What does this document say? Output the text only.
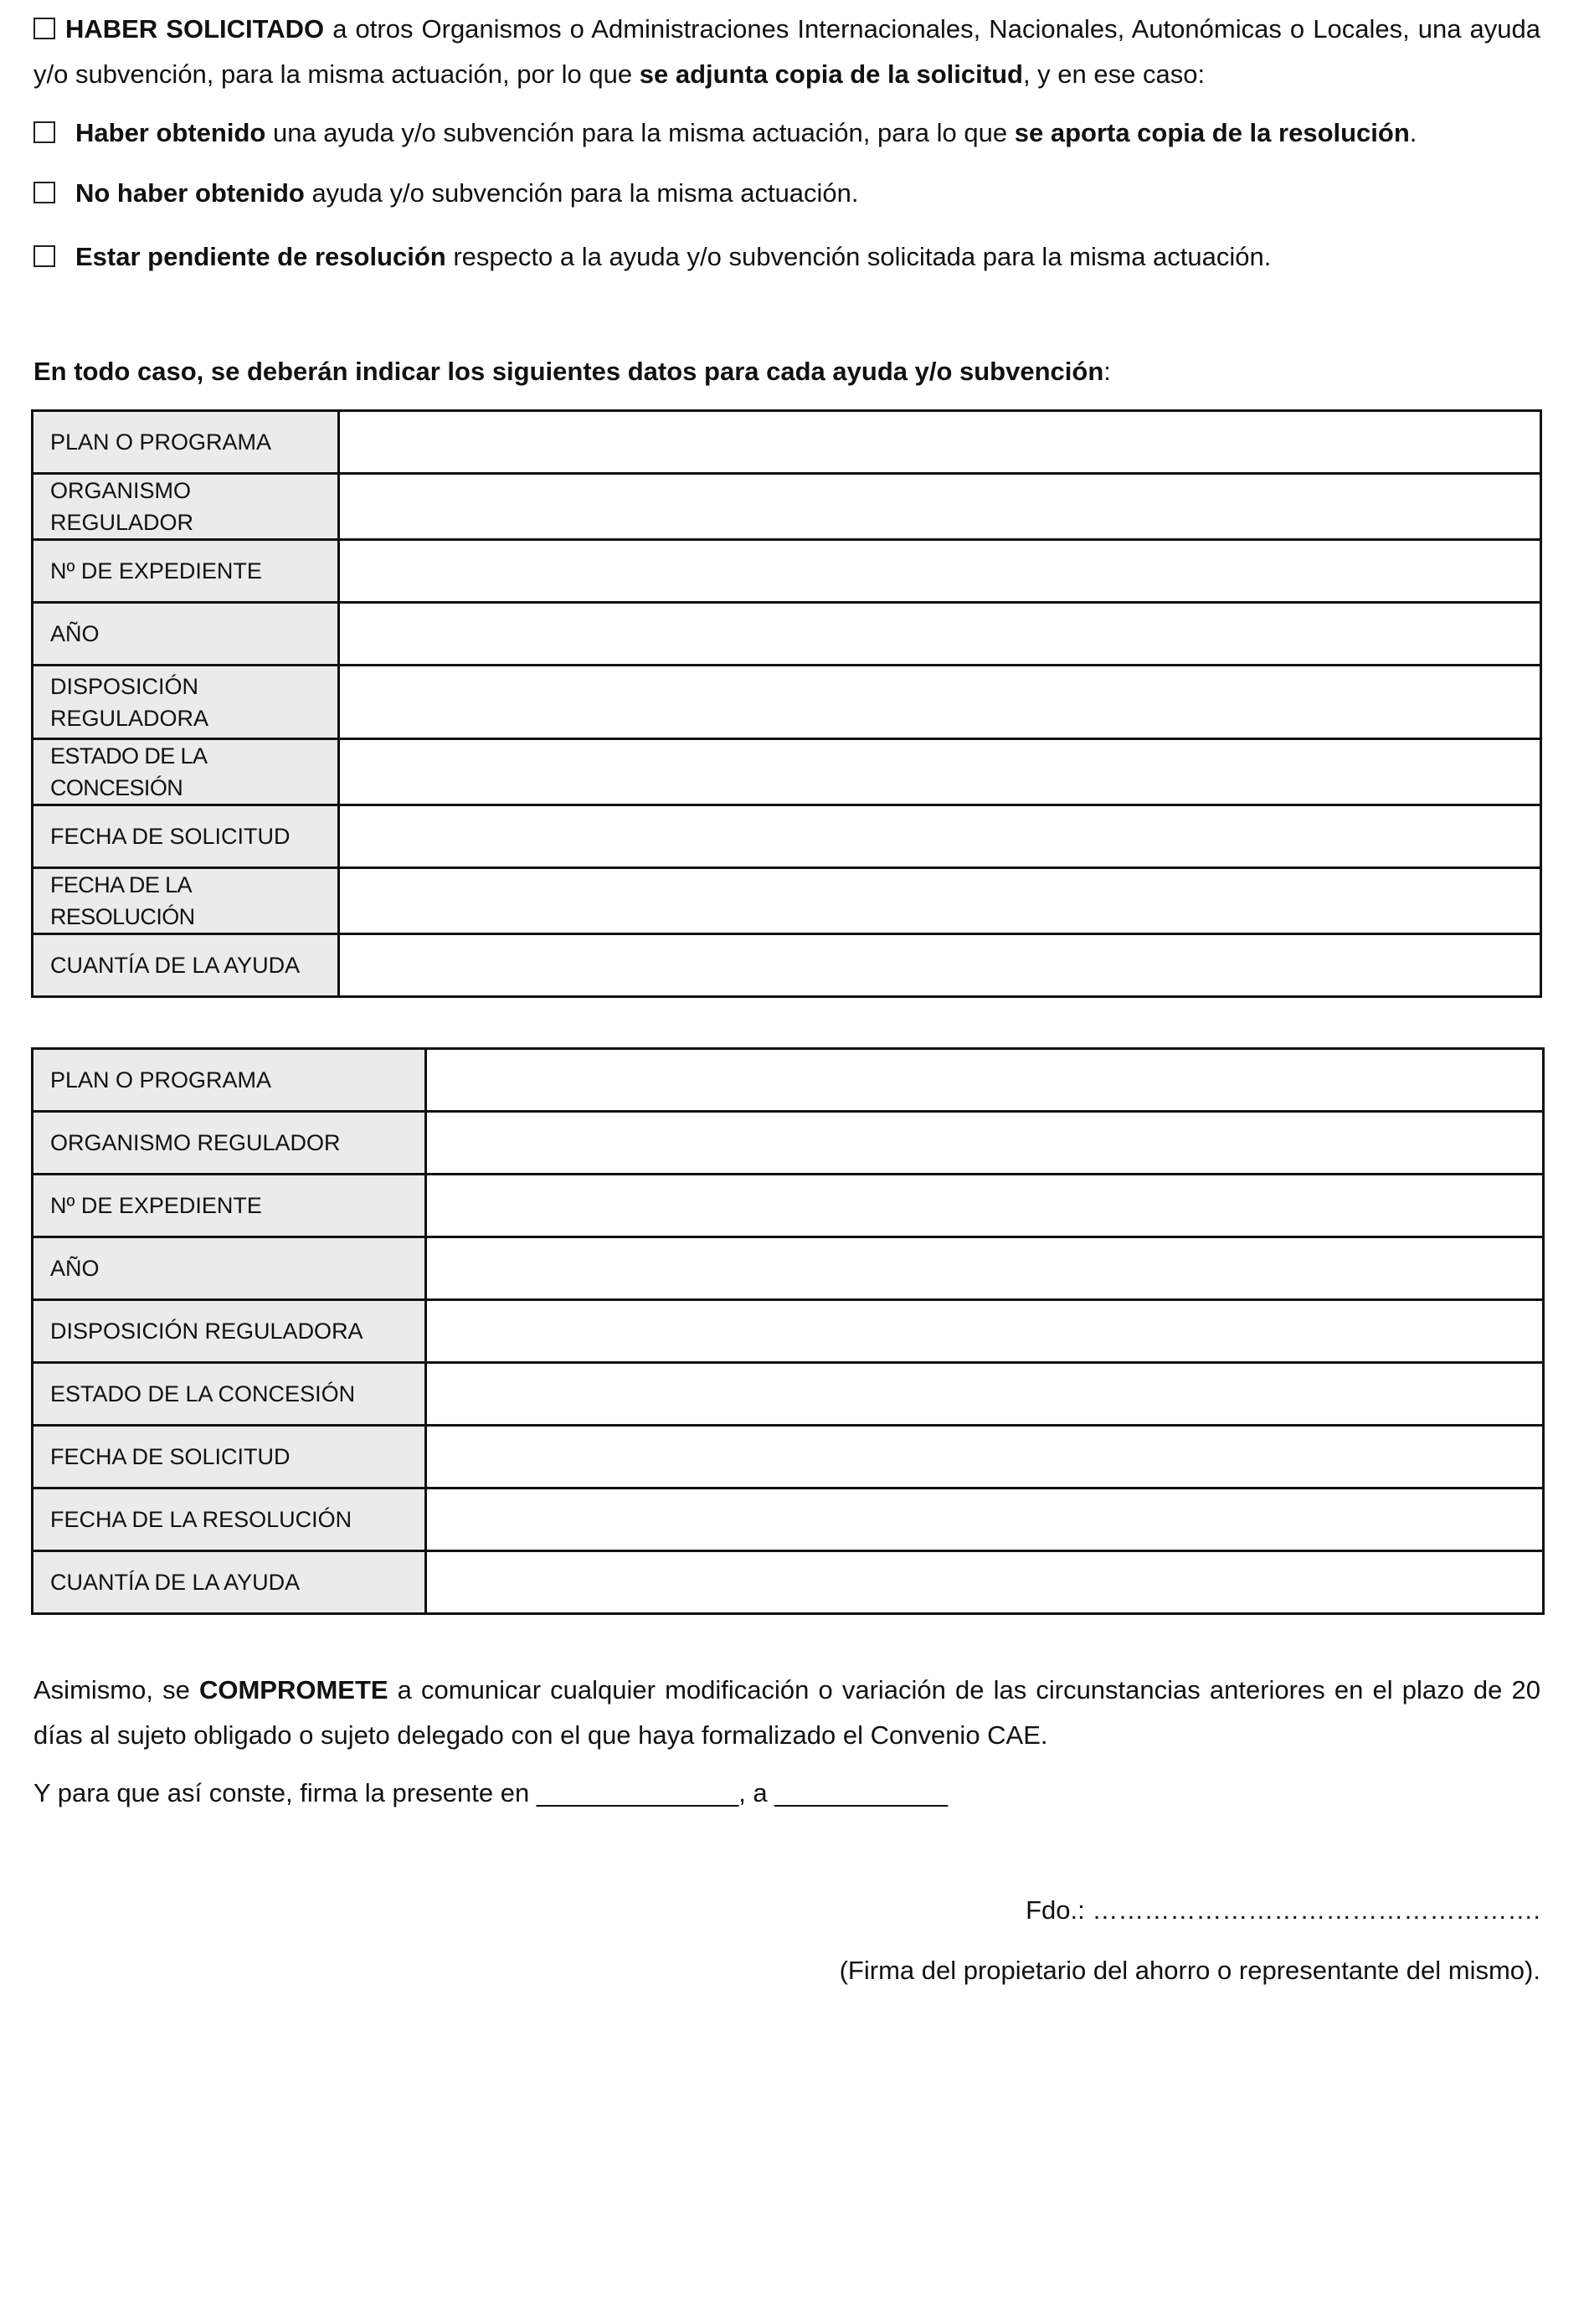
HABER SOLICITADO a otros Organismos o Administraciones Internacionales, Nacionales, Autonómicas o Locales, una ayuda y/o subvención, para la misma actuación, por lo que se adjunta copia de la solicitud, y en ese caso:
Haber obtenido una ayuda y/o subvención para la misma actuación, para lo que se aporta copia de la resolución.
No haber obtenido ayuda y/o subvención para la misma actuación.
Estar pendiente de resolución respecto a la ayuda y/o subvención solicitada para la misma actuación.
En todo caso, se deberán indicar los siguientes datos para cada ayuda y/o subvención:
PLAN O PROGRAMA	
ORGANISMO REGULADOR	
Nº DE EXPEDIENTE	
AÑO	
DISPOSICIÓN REGULADORA	
ESTADO DE LA CONCESIÓN	
FECHA DE SOLICITUD	
FECHA DE LA RESOLUCIÓN	
CUANTÍA DE LA AYUDA	
PLAN O PROGRAMA	
ORGANISMO REGULADOR	
Nº DE EXPEDIENTE	
AÑO	
DISPOSICIÓN REGULADORA	
ESTADO DE LA CONCESIÓN	
FECHA DE SOLICITUD	
FECHA DE LA RESOLUCIÓN	
CUANTÍA DE LA AYUDA	
Asimismo, se COMPROMETE a comunicar cualquier modificación o variación de las circunstancias anteriores en el plazo de 20 días al sujeto obligado o sujeto delegado con el que haya formalizado el Convenio CAE.
Y para que así conste, firma la presente en ______________, a ____________
Fdo.: …………………………………………….
(Firma del propietario del ahorro o representante del mismo).
